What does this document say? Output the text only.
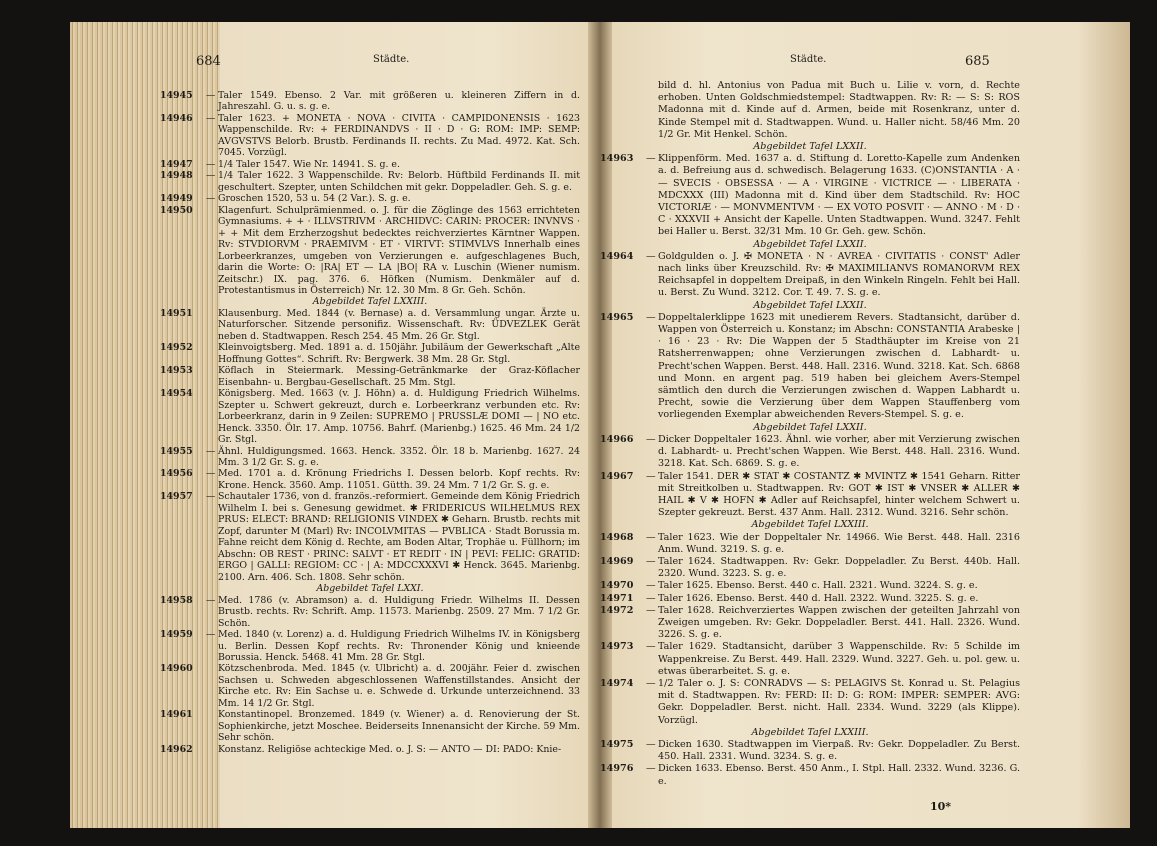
684	Städte.	Städte.	685
14945	— Taler 1549. Ebenso. 2 Var. mit größeren u. kleineren Ziffern in d. Jahreszahl. G. u. s. g. e.
14946	— Taler 1623. + MONETA · NOVA · CIVITA · CAMPIDONENSIS · 1623 Wappenschilde. Rv: + FERDINANDVS · II · D · G: ROM: IMP: SEMP: AVGVSTVS Belorb. Brustb. Ferdinands II. rechts. Zu Mad. 4972. Kat. Sch. 7045. Vorzügl.
14947	— 1/4 Taler 1547. Wie Nr. 14941. S. g. e.
14948	— 1/4 Taler 1622. 3 Wappenschilde. Rv: Belorb. Hüftbild Ferdinands II. mit geschultert. Szepter, unten Schildchen mit gekr. Doppeladler. Geh. S. g. e.
14949	— Groschen 1520, 53 u. 54 (2 Var.). S. g. e.
14950	Klagenfurt. Schulprämienmed. o. J. für die Zöglinge des 1563 errichteten Gymnasiums. + + · ILLVSTRIVM · ARCHIDVC: CARIN: PROCER: INVNVS · + + Mit dem Erzherzogshut bedecktes reichverziertes Kärntner Wappen. Rv: STVDIORVM · PRAEMIVM · ET · VIRTVT: STIMVLVS Innerhalb eines Lorbeerkranzes, umgeben von Verzierungen e. aufgeschlagenes Buch, darin die Worte: O: |RA| ET — LA |BO| RA v. Luschin (Wiener numism. Zeitschr.) IX. pag. 376. 6. Höfken (Numism. Denkmäler auf d. Protestantismus in Österreich) Nr. 12. 30 Mm. 8 Gr. Geh. Schön.
Abgebildet Tafel LXXIII.
14951	Klausenburg. Med. 1844 (v. Bernase) a. d. Versammlung ungar. Ärzte u. Naturforscher. Sitzende personifiz. Wissenschaft. Rv: ÜDVEZLEK Gerät neben d. Stadtwappen. Resch 254. 45 Mm. 26 Gr. Stgl.
14952	Kleinvoigtsberg. Med. 1891 a. d. 150jähr. Jubiläum der Gewerkschaft „Alte Hoffnung Gottes“. Schrift. Rv: Bergwerk. 38 Mm. 28 Gr. Stgl.
14953	Köflach in Steiermark. Messing-Getränkmarke der Graz-Köflacher Eisenbahn- u. Bergbau-Gesellschaft. 25 Mm. Stgl.
14954	Königsberg. Med. 1663 (v. J. Höhn) a. d. Huldigung Friedrich Wilhelms. Szepter u. Schwert gekreuzt, durch e. Lorbeerkranz verbunden etc. Rv: Lorbeerkranz, darin in 9 Zeilen: SUPREMO | PRUSSLÆ DOMI — | NO etc. Henck. 3350. Ölr. 17. Amp. 10756. Bahrf. (Marienbg.) 1625. 46 Mm. 24 1/2 Gr. Stgl.
14955	— Ähnl. Huldigungsmed. 1663. Henck. 3352. Ölr. 18 b. Marienbg. 1627. 24 Mm. 3 1/2 Gr. S. g. e.
14956	— Med. 1701 a. d. Krönung Friedrichs I. Dessen belorb. Kopf rechts. Rv: Krone. Henck. 3560. Amp. 11051. Gütth. 39. 24 Mm. 7 1/2 Gr. S. g. e.
14957	— Schautaler 1736, von d. französ.-reformiert. Gemeinde dem König Friedrich Wilhelm I. bei s. Genesung gewidmet. ✱ FRIDERICUS WILHELMUS REX PRUS: ELECT: BRAND: RELIGIONIS VINDEX ✱ Geharn. Brustb. rechts mit Zopf, darunter M (Marl) Rv: INCOLVMITAS — PVBLICA · Stadt Borussia m. Fahne reicht dem König d. Rechte, am Boden Altar, Trophäe u. Füllhorn; im Abschn: OB REST · PRINC: SALVT · ET REDIT · IN | PEVI: FELIC: GRATID: ERGO | GALLI: REGIOM: CC · | A: MDCCXXXVI ✱ Henck. 3645. Marienbg. 2100. Arn. 406. Sch. 1808. Sehr schön.
Abgebildet Tafel LXXI.
14958	— Med. 1786 (v. Abramson) a. d. Huldigung Friedr. Wilhelms II. Dessen Brustb. rechts. Rv: Schrift. Amp. 11573. Marienbg. 2509. 27 Mm. 7 1/2 Gr. Schön.
14959	— Med. 1840 (v. Lorenz) a. d. Huldigung Friedrich Wilhelms IV. in Königsberg u. Berlin. Dessen Kopf rechts. Rv: Thronender König und knieende Borussia. Henck. 5468. 41 Mm. 28 Gr. Stgl.
14960	Kötzschenbroda. Med. 1845 (v. Ulbricht) a. d. 200jähr. Feier d. zwischen Sachsen u. Schweden abgeschlossenen Waffenstillstandes. Ansicht der Kirche etc. Rv: Ein Sachse u. e. Schwede d. Urkunde unterzeichnend. 33 Mm. 14 1/2 Gr. Stgl.
14961	Konstantinopel. Bronzemed. 1849 (v. Wiener) a. d. Renovierung der St. Sophienkirche, jetzt Moschee. Beiderseits Innenansicht der Kirche. 59 Mm. Sehr schön.
14962	Konstanz. Religiöse achteckige Med. o. J. S: — ANTO — DI: PADO: Knie-
bild d. hl. Antonius von Padua mit Buch u. Lilie v. vorn, d. Rechte erhoben. Unten Goldschmiedstempel: Stadtwappen. Rv: R: — S: S: ROS Madonna mit d. Kinde auf d. Armen, beide mit Rosenkranz, unter d. Kinde Stempel mit d. Stadtwappen. Wund. u. Haller nicht. 58/46 Mm. 20 1/2 Gr. Mit Henkel. Schön.
Abgebildet Tafel LXXII.
14963	— Klippenförm. Med. 1637 a. d. Stiftung d. Loretto-Kapelle zum Andenken a. d. Befreiung aus d. schwedisch. Belagerung 1633. (C)ONSTANTIA · A · — SVECIS · OBSESSA · — A · VIRGINE · VICTRICE — · LIBERATA · MDCXXX (III) Madonna mit d. Kind über dem Stadtschild. Rv: HOC VICTORIÆ · — MONVMENTVM · — EX VOTO POSVIT · — ANNO · M · D · C · XXXVII + Ansicht der Kapelle. Unten Stadtwappen. Wund. 3247. Fehlt bei Haller u. Berst. 32/31 Mm. 10 Gr. Geh. gew. Schön.
Abgebildet Tafel LXXII.
14964	— Goldgulden o. J. ✠ MONETA · N · AVREA · CIVITATIS · CONST' Adler nach links über Kreuzschild. Rv: ✠ MAXIMILIANVS ROMANORVM REX Reichsapfel in doppeltem Dreipaß, in den Winkeln Ringeln. Fehlt bei Hall. u. Berst. Zu Wund. 3212. Cor. T. 49. 7. S. g. e.
Abgebildet Tafel LXXII.
14965	— Doppeltalerklippe 1623 mit unedierem Revers. Stadtansicht, darüber d. Wappen von Österreich u. Konstanz; im Abschn: CONSTANTIA Arabeske |· 16 · 23 · Rv: Die Wappen der 5 Stadthäupter im Kreise von 21 Ratsherrenwappen; ohne Verzierungen zwischen d. Labhardt- u. Precht'schen Wappen. Berst. 448. Hall. 2316. Wund. 3218. Kat. Sch. 6868 und Monn. en argent pag. 519 haben bei gleichem Avers-Stempel sämtlich den durch die Verzierungen zwischen d. Wappen Labhardt u. Precht, sowie die Verzierung über dem Wappen Stauffenberg vom vorliegenden Exemplar abweichenden Revers-Stempel. S. g. e.
Abgebildet Tafel LXXII.
14966	— Dicker Doppeltaler 1623. Ähnl. wie vorher, aber mit Verzierung zwischen d. Labhardt- u. Precht'schen Wappen. Wie Berst. 448. Hall. 2316. Wund. 3218. Kat. Sch. 6869. S. g. e.
14967	— Taler 1541. DER ✱ STAT ✱ COSTANTZ ✱ MVINTZ ✱ 1541 Geharn. Ritter mit Streitkolben u. Stadtwappen. Rv: GOT ✱ IST ✱ VNSER ✱ ALLER ✱ HAIL ✱ V ✱ HOFN ✱ Adler auf Reichsapfel, hinter welchem Schwert u. Szepter gekreuzt. Berst. 437 Anm. Hall. 2312. Wund. 3216. Sehr schön.
Abgebildet Tafel LXXIII.
14968	— Taler 1623. Wie der Doppeltaler Nr. 14966. Wie Berst. 448. Hall. 2316 Anm. Wund. 3219. S. g. e.
14969	— Taler 1624. Stadtwappen. Rv: Gekr. Doppeladler. Zu Berst. 440b. Hall. 2320. Wund. 3223. S. g. e.
14970	— Taler 1625. Ebenso. Berst. 440 c. Hall. 2321. Wund. 3224. S. g. e.
14971	— Taler 1626. Ebenso. Berst. 440 d. Hall. 2322. Wund. 3225. S. g. e.
14972	— Taler 1628. Reichverziertes Wappen zwischen der geteilten Jahrzahl von Zweigen umgeben. Rv: Gekr. Doppeladler. Berst. 441. Hall. 2326. Wund. 3226. S. g. e.
14973	— Taler 1629. Stadtansicht, darüber 3 Wappenschilde. Rv: 5 Schilde im Wappenkreise. Zu Berst. 449. Hall. 2329. Wund. 3227. Geh. u. pol. gew. u. etwas überarbeitet. S. g. e.
14974	— 1/2 Taler o. J. S: CONRADVS — S: PELAGIVS St. Konrad u. St. Pelagius mit d. Stadtwappen. Rv: FERD: II: D: G: ROM: IMPER: SEMPER: AVG: Gekr. Doppeladler. Berst. nicht. Hall. 2334. Wund. 3229 (als Klippe). Vorzügl.
Abgebildet Tafel LXXIII.
14975	— Dicken 1630. Stadtwappen im Vierpaß. Rv: Gekr. Doppeladler. Zu Berst. 450. Hall. 2331. Wund. 3234. S. g. e.
14976	— Dicken 1633. Ebenso. Berst. 450 Anm., I. Stpl. Hall. 2332. Wund. 3236. G. e.
10*
